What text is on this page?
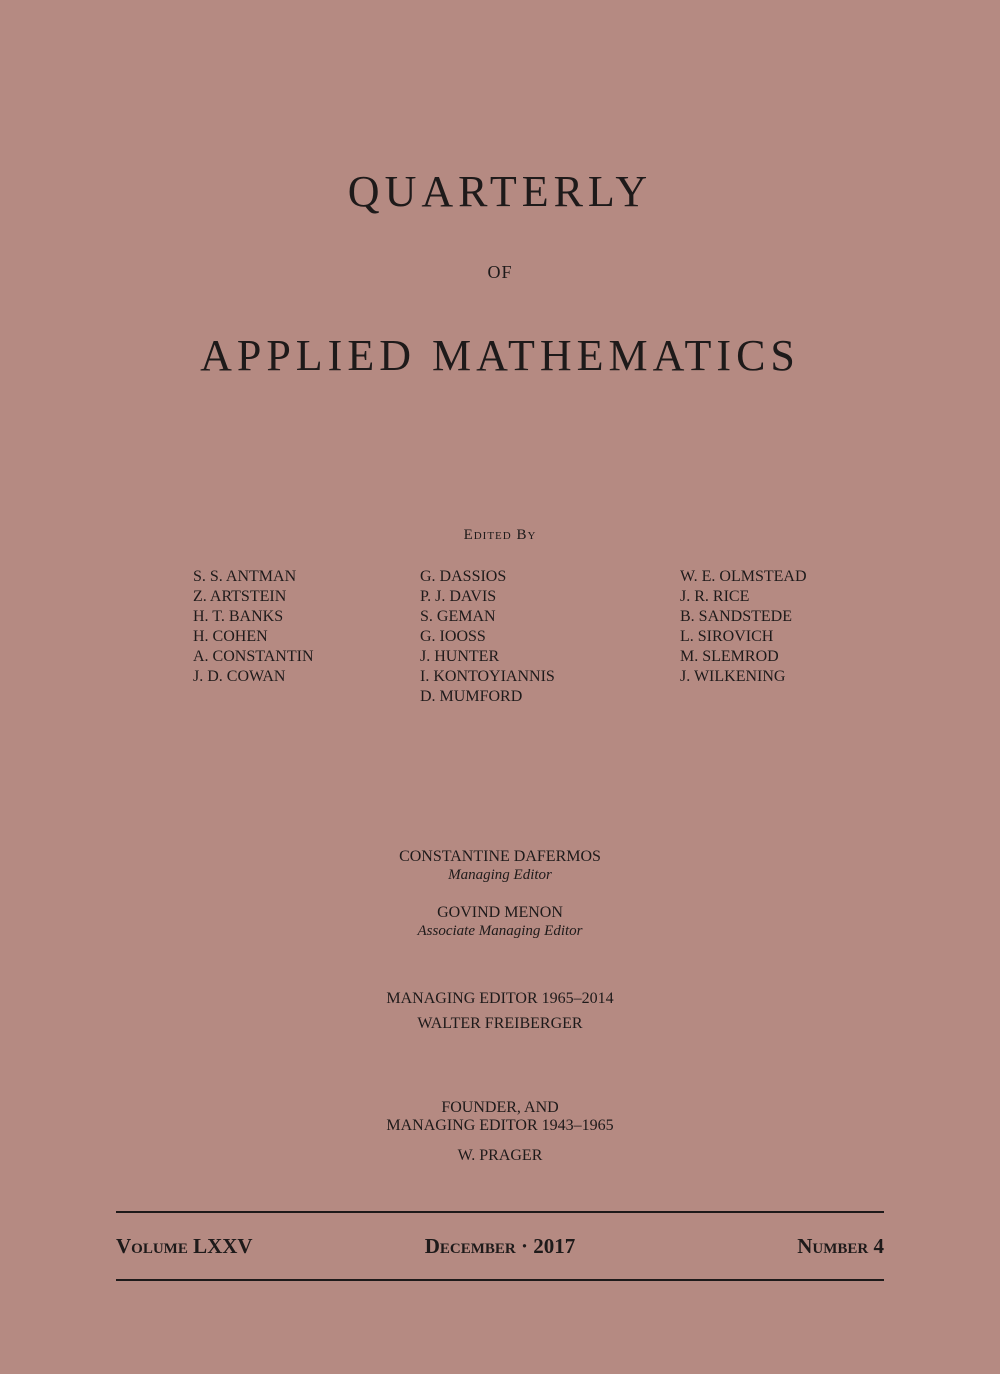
QUARTERLY
OF
APPLIED MATHEMATICS
Edited By
S. S. ANTMAN
Z. ARTSTEIN
H. T. BANKS
H. COHEN
A. CONSTANTIN
J. D. COWAN
G. DASSIOS
P. J. DAVIS
S. GEMAN
G. IOOSS
J. HUNTER
I. KONTOYIANNIS
D. MUMFORD
W. E. OLMSTEAD
J. R. RICE
B. SANDSTEDE
L. SIROVICH
M. SLEMROD
J. WILKENING
CONSTANTINE DAFERMOS
Managing Editor
GOVIND MENON
Associate Managing Editor
MANAGING EDITOR 1965–2014
WALTER FREIBERGER
FOUNDER, AND
MANAGING EDITOR 1943–1965
W. PRAGER
Volume LXXV	December · 2017	Number 4
